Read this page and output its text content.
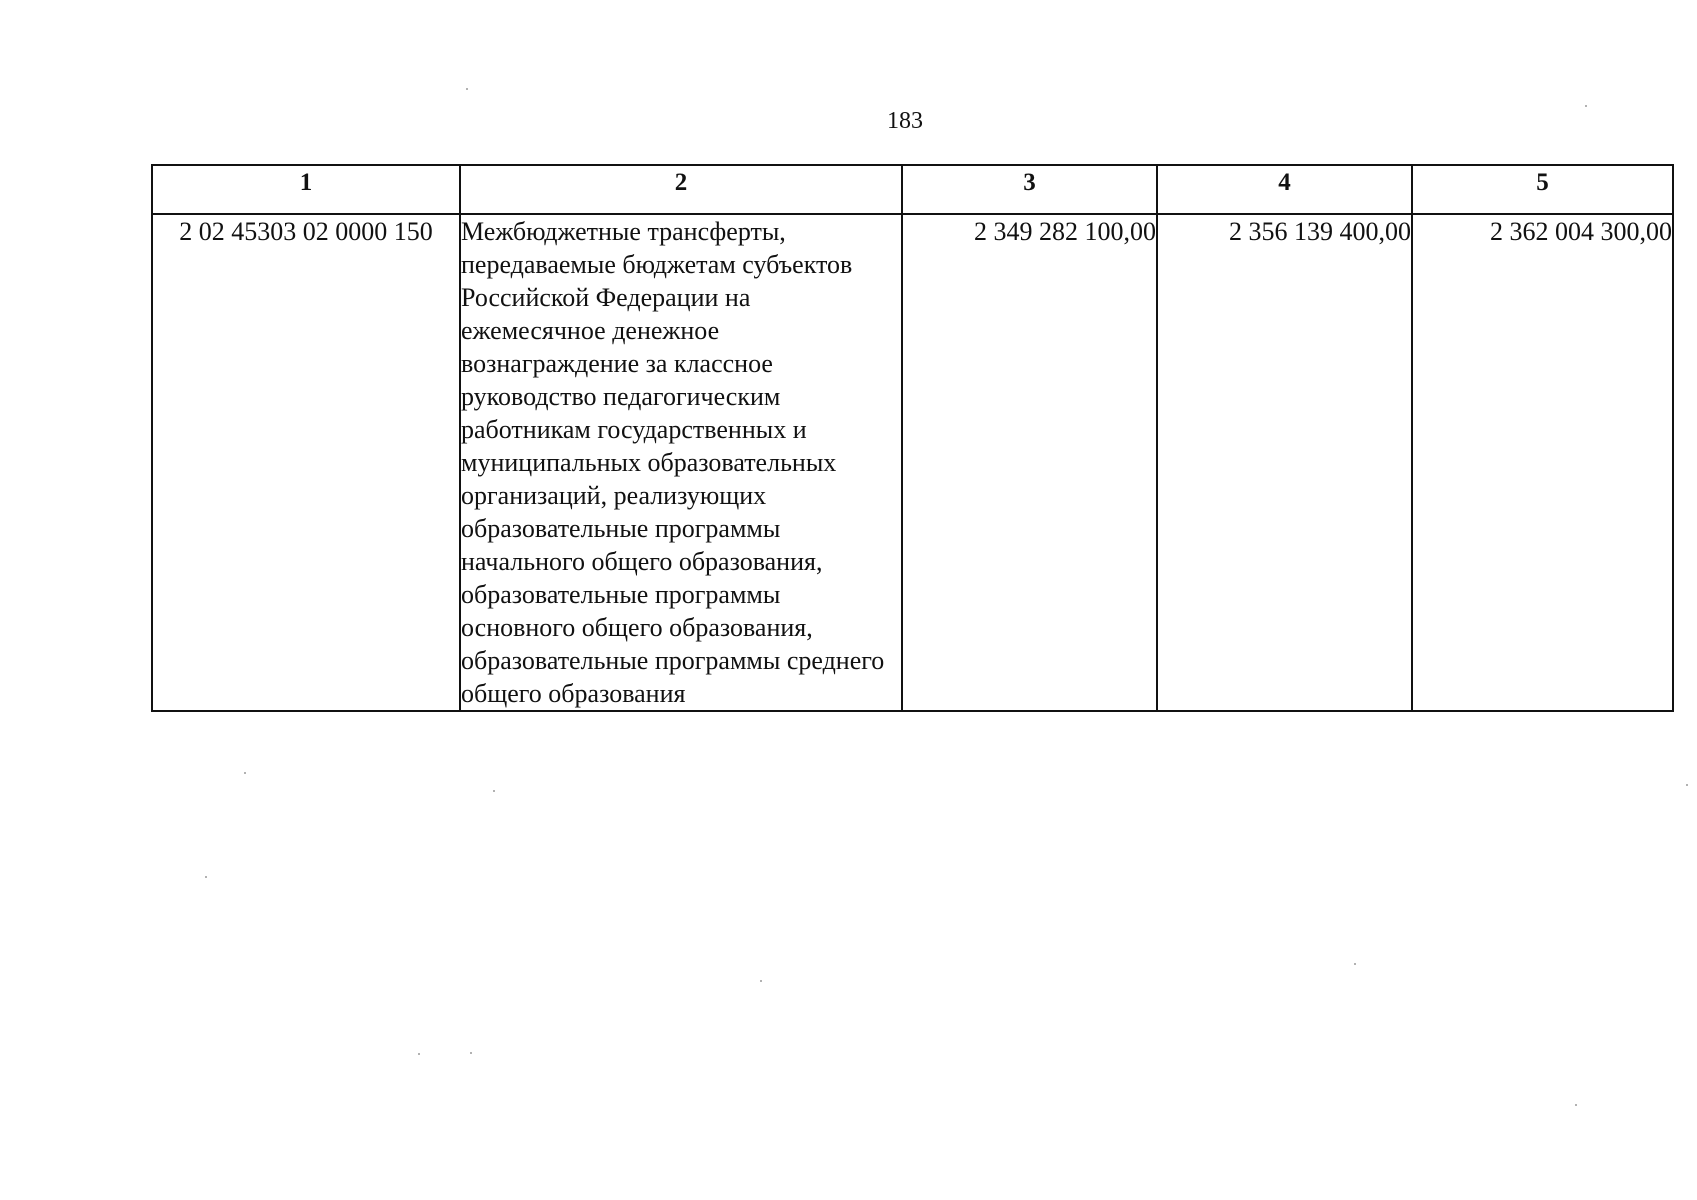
183
1	2	3	4	5
2 02 45303 02 0000 150	Межбюджетные трансферты, передаваемые бюджетам субъектов Российской Федерации на ежемесячное денежное вознаграждение за классное руководство педагогическим работникам государственных и муниципальных образовательных организаций, реализующих образовательные программы начального общего образования, образовательные программы основного общего образования, образовательные программы среднего общего образования	2 349 282 100,00	2 356 139 400,00	2 362 004 300,00
